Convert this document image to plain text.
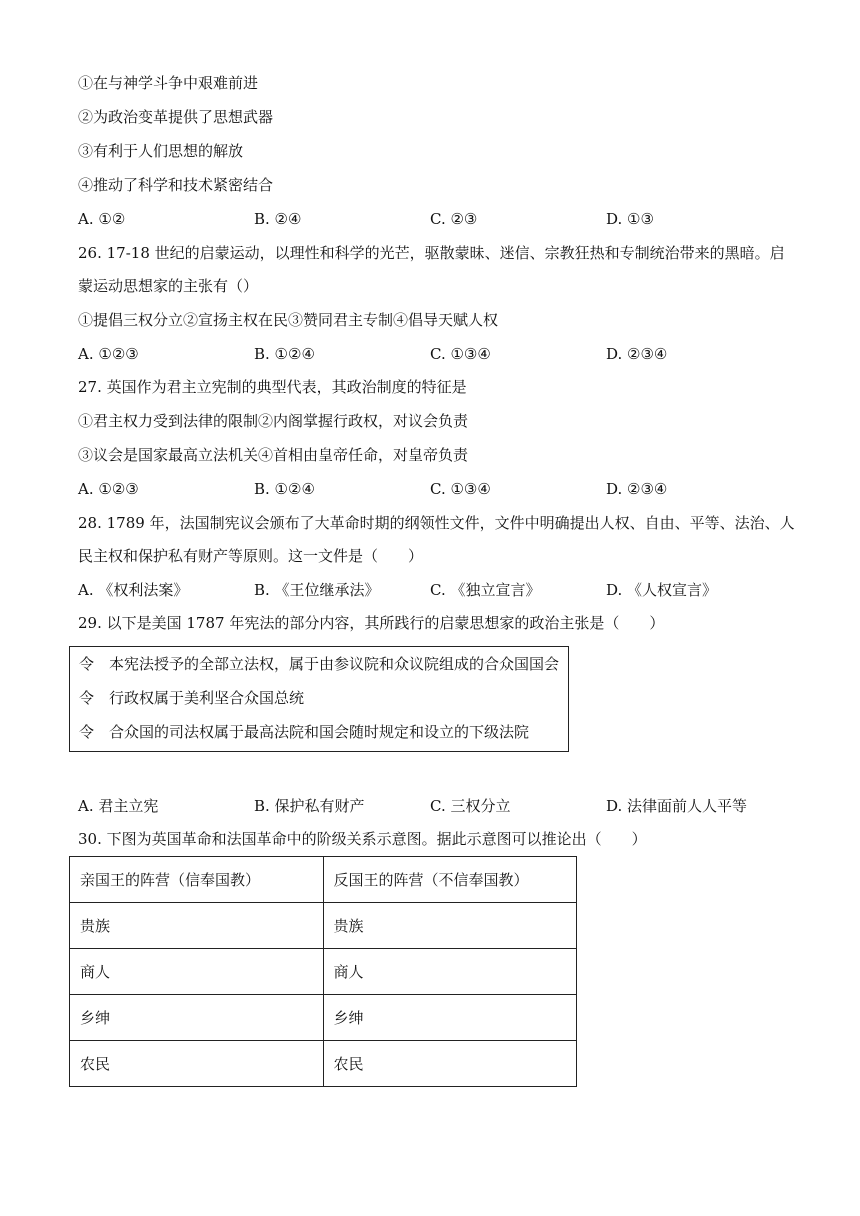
①在与神学斗争中艰难前进
②为政治变革提供了思想武器
③有利于人们思想的解放
④推动了科学和技术紧密结合
A. ①②	B. ②④	C. ②③	D. ①③
26. 17-18 世纪的启蒙运动，以理性和科学的光芒，驱散蒙昧、迷信、宗教狂热和专制统治带来的黑暗。启
蒙运动思想家的主张有（）
①提倡三权分立②宣扬主权在民③赞同君主专制④倡导天赋人权
A. ①②③	B. ①②④	C. ①③④	D. ②③④
27. 英国作为君主立宪制的典型代表，其政治制度的特征是
①君主权力受到法律的限制②内阁掌握行政权，对议会负责
③议会是国家最高立法机关④首相由皇帝任命，对皇帝负责
A. ①②③	B. ①②④	C. ①③④	D. ②③④
28. 1789 年，法国制宪议会颁布了大革命时期的纲领性文件，文件中明确提出人权、自由、平等、法治、人
民主权和保护私有财产等原则。这一文件是（　　）
A. 《权利法案》	B. 《王位继承法》	C. 《独立宣言》	D. 《人权宣言》
29. 以下是美国 1787 年宪法的部分内容，其所践行的启蒙思想家的政治主张是（　　）
令 本宪法授予的全部立法权，属于由参议院和众议院组成的合众国国会
令 行政权属于美利坚合众国总统
令 合众国的司法权属于最高法院和国会随时规定和设立的下级法院
A. 君主立宪	B. 保护私有财产	C. 三权分立	D. 法律面前人人平等
30. 下图为英国革命和法国革命中的阶级关系示意图。据此示意图可以推论出（　　）
亲国王的阵营（信奉国教）	反国王的阵营（不信奉国教）
贵族	贵族
商人	商人
乡绅	乡绅
农民	农民
